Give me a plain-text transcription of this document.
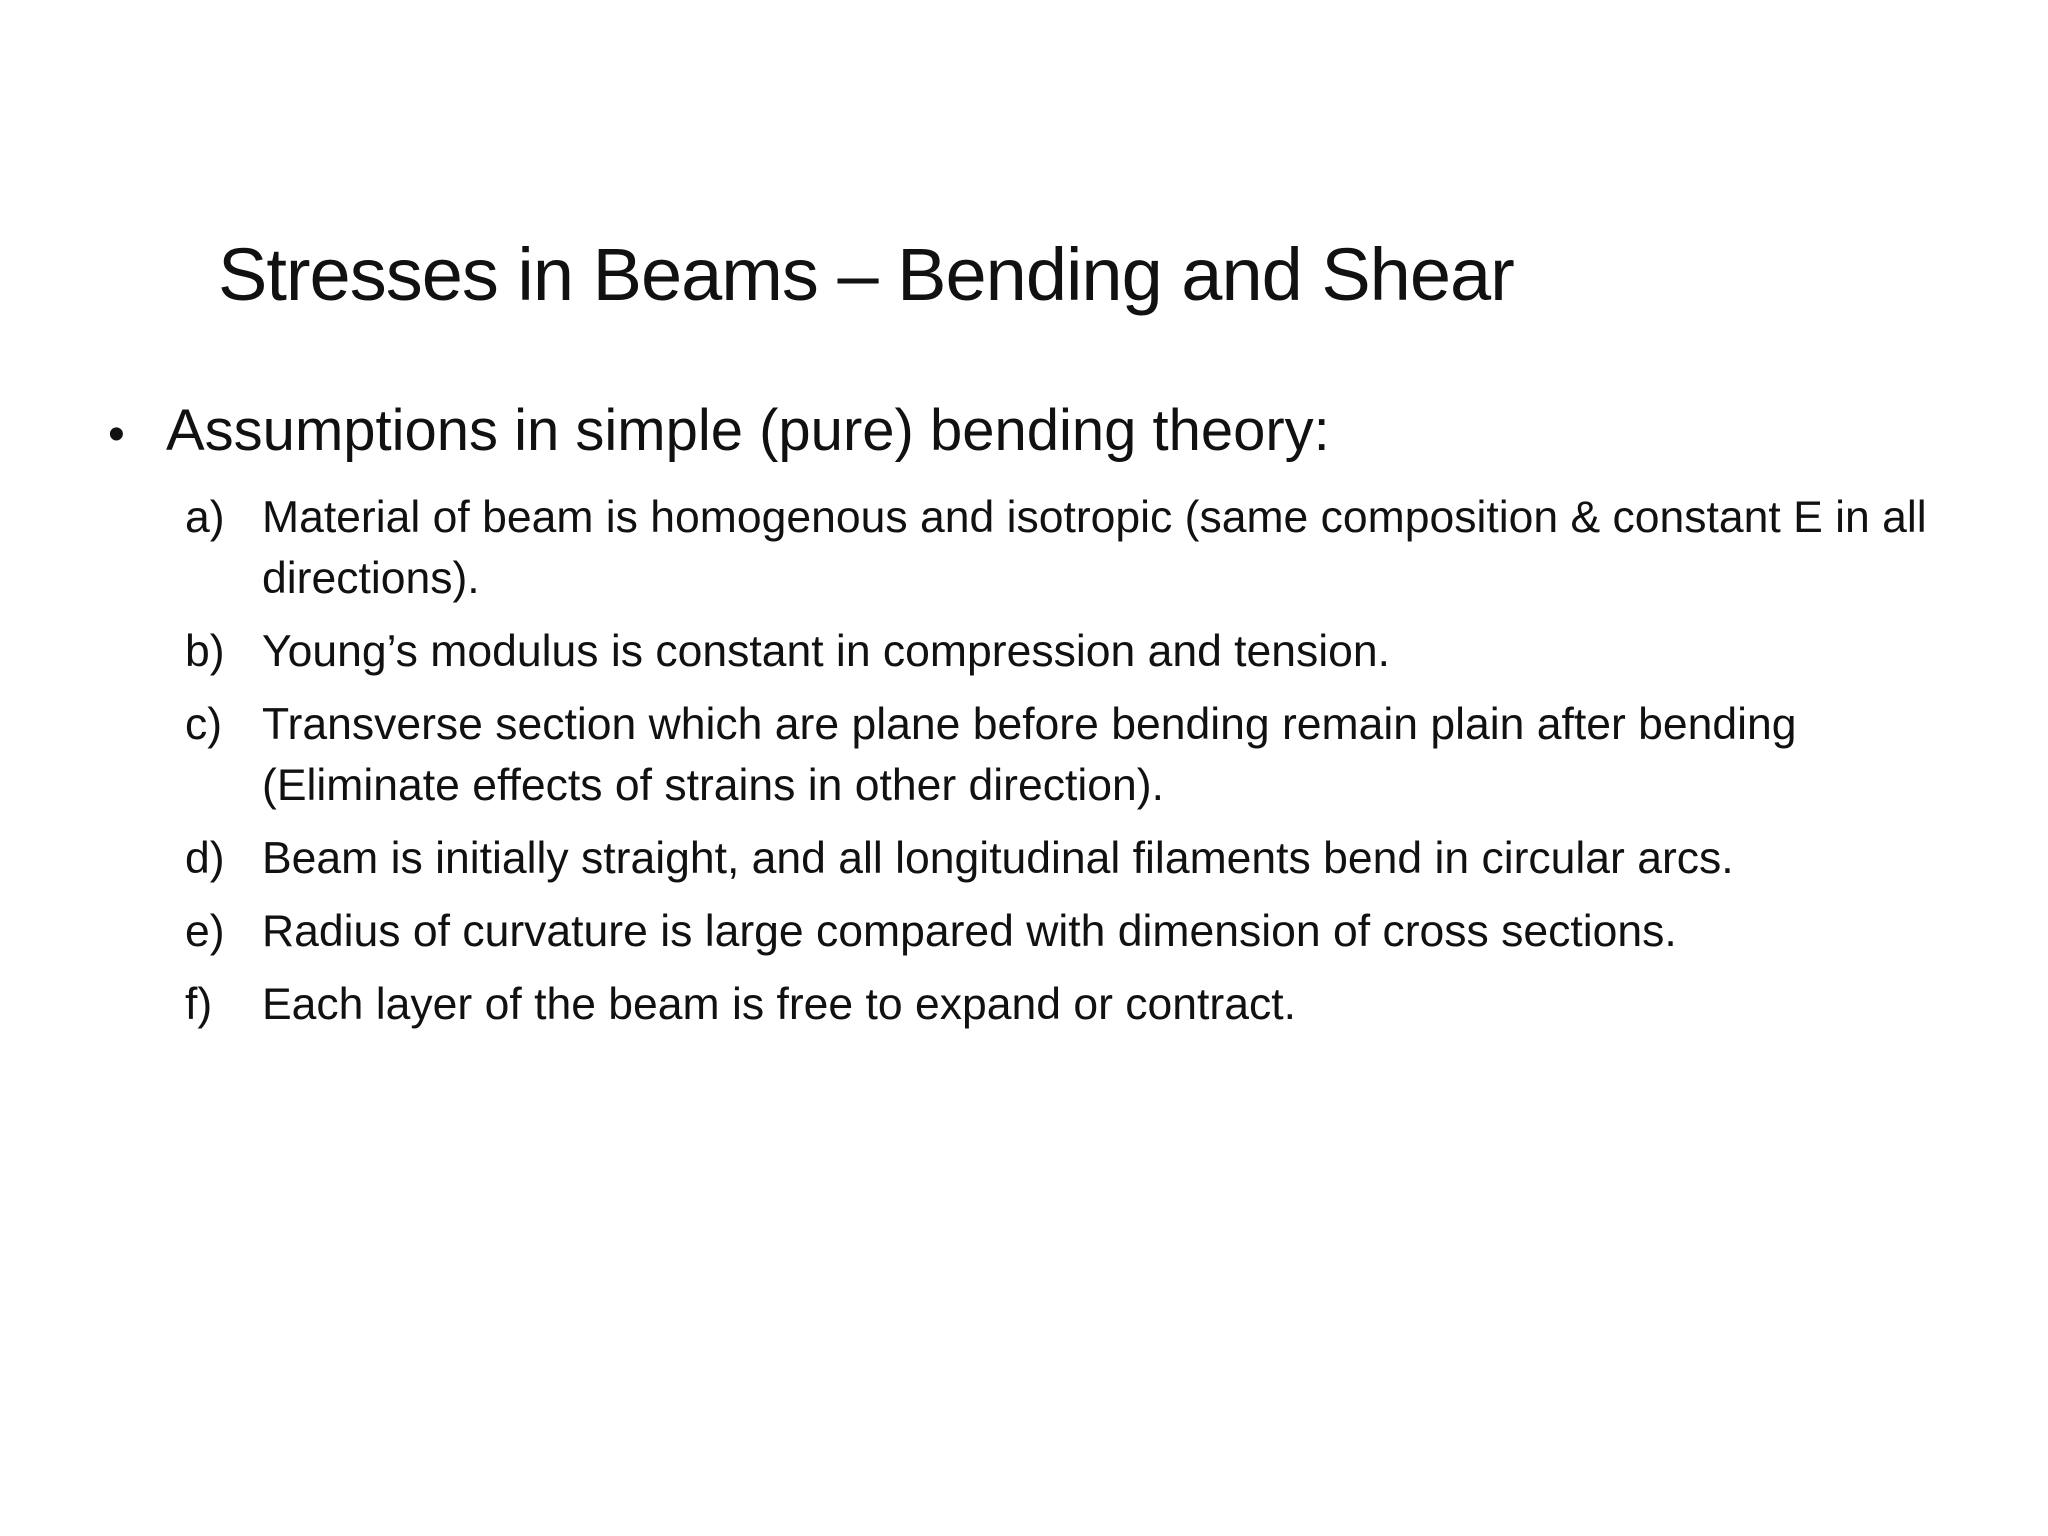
Stresses in Beams – Bending and Shear
• Assumptions in simple (pure) bending theory:
a) Material of beam is homogenous and isotropic (same composition & constant E in all directions).
b) Young’s modulus is constant in compression and tension.
c) Transverse section which are plane before bending remain plain after bending (Eliminate effects of strains in other direction).
d) Beam is initially straight, and all longitudinal filaments bend in circular arcs.
e) Radius of curvature is large compared with dimension of cross sections.
f)	Each layer of the beam is free to expand or contract.
